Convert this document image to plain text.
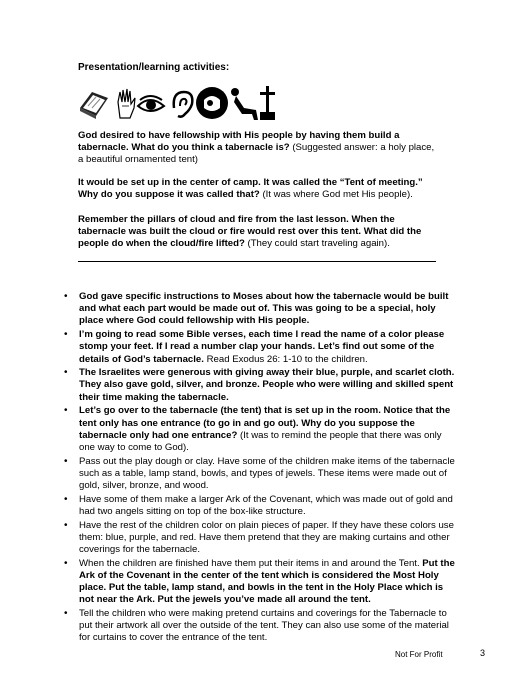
Presentation/learning activities:
God desired to have fellowship with His people by having them build a tabernacle. What do you think a tabernacle is? (Suggested answer: a holy place, a beautiful ornamented tent)
It would be set up in the center of camp. It was called the “Tent of meeting.” Why do you suppose it was called that? (It was where God met His people).
Remember the pillars of cloud and fire from the last lesson. When the tabernacle was built the cloud or fire would rest over this tent. What did the people do when the cloud/fire lifted? (They could start traveling again).
• God gave specific instructions to Moses about how the tabernacle would be built and what each part would be made out of. This was going to be a special, holy place where God could fellowship with His people.
• I’m going to read some Bible verses, each time I read the name of a color please stomp your feet. If I read a number clap your hands. Let’s find out some of the details of God’s tabernacle. Read Exodus 26: 1-10 to the children.
• The Israelites were generous with giving away their blue, purple, and scarlet cloth. They also gave gold, silver, and bronze. People who were willing and skilled spent their time making the tabernacle.
• Let’s go over to the tabernacle (the tent) that is set up in the room. Notice that the tent only has one entrance (to go in and go out). Why do you suppose the tabernacle only had one entrance? (It was to remind the people that there was only one way to come to God).
• Pass out the play dough or clay. Have some of the children make items of the tabernacle such as a table, lamp stand, bowls, and types of jewels. These items were made out of gold, silver, bronze, and wood.
• Have some of them make a larger Ark of the Covenant, which was made out of gold and had two angels sitting on top of the box-like structure.
• Have the rest of the children color on plain pieces of paper. If they have these colors use them: blue, purple, and red. Have them pretend that they are making curtains and other coverings for the tabernacle.
• When the children are finished have them put their items in and around the Tent. Put the Ark of the Covenant in the center of the tent which is considered the Most Holy place. Put the table, lamp stand, and bowls in the tent in the Holy Place which is not near the Ark. Put the jewels you’ve made all around the tent.
• Tell the children who were making pretend curtains and coverings for the Tabernacle to put their artwork all over the outside of the tent. They can also use some of the material for curtains to cover the entrance of the tent.
Not For Profit	3
